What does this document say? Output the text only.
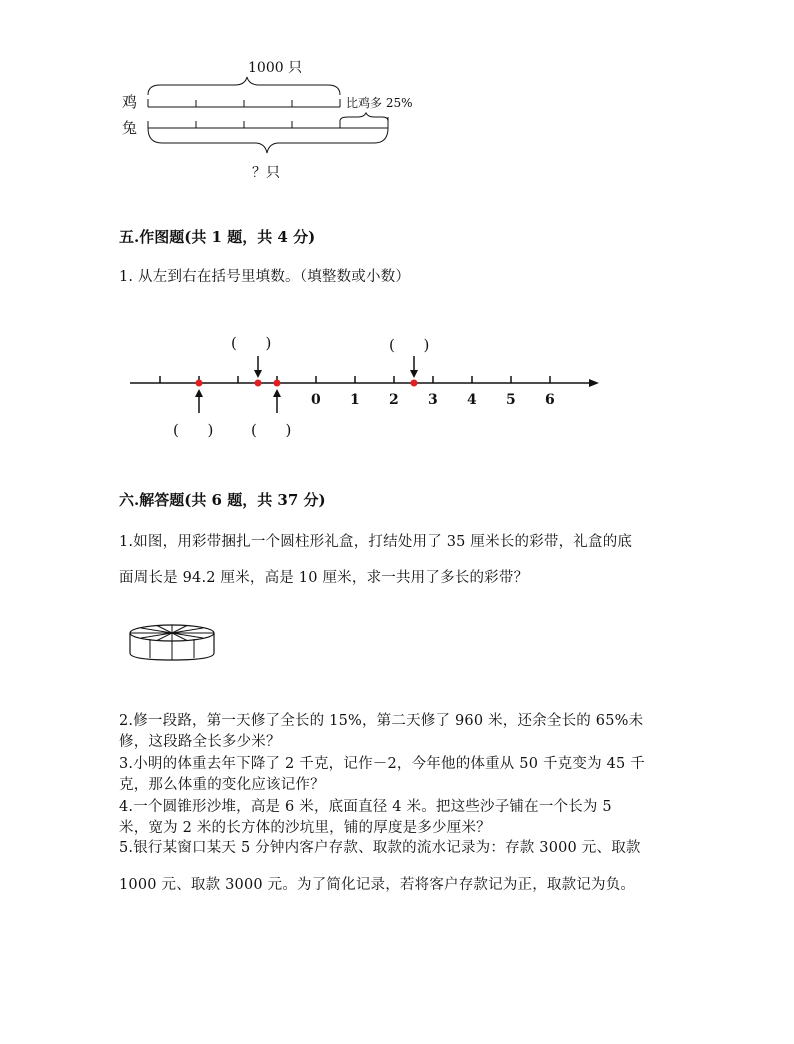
1000 只
鸡	比鸡多 25%
兔
？只
五.作图题(共 1 题，共 4 分)
1. 从左到右在括号里填数。（填整数或小数）
0 1 2 3 4 5 6
(      )	(      )
(      )	(      )
六.解答题(共 6 题，共 37 分)
1.如图，用彩带捆扎一个圆柱形礼盒，打结处用了 35 厘米长的彩带，礼盒的底
面周长是 94.2 厘米，高是 10 厘米，求一共用了多长的彩带？
2.修一段路，第一天修了全长的 15%，第二天修了 960 米，还余全长的 65%未
修，这段路全长多少米？
3.小明的体重去年下降了 2 千克，记作－2，今年他的体重从 50 千克变为 45 千
克，那么体重的变化应该记作？
4.一个圆锥形沙堆，高是 6 米，底面直径 4 米。把这些沙子铺在一个长为 5
米，宽为 2 米的长方体的沙坑里，铺的厚度是多少厘米？
5.银行某窗口某天 5 分钟内客户存款、取款的流水记录为：存款 3000 元、取款
1000 元、取款 3000 元。为了简化记录，若将客户存款记为正，取款记为负。
